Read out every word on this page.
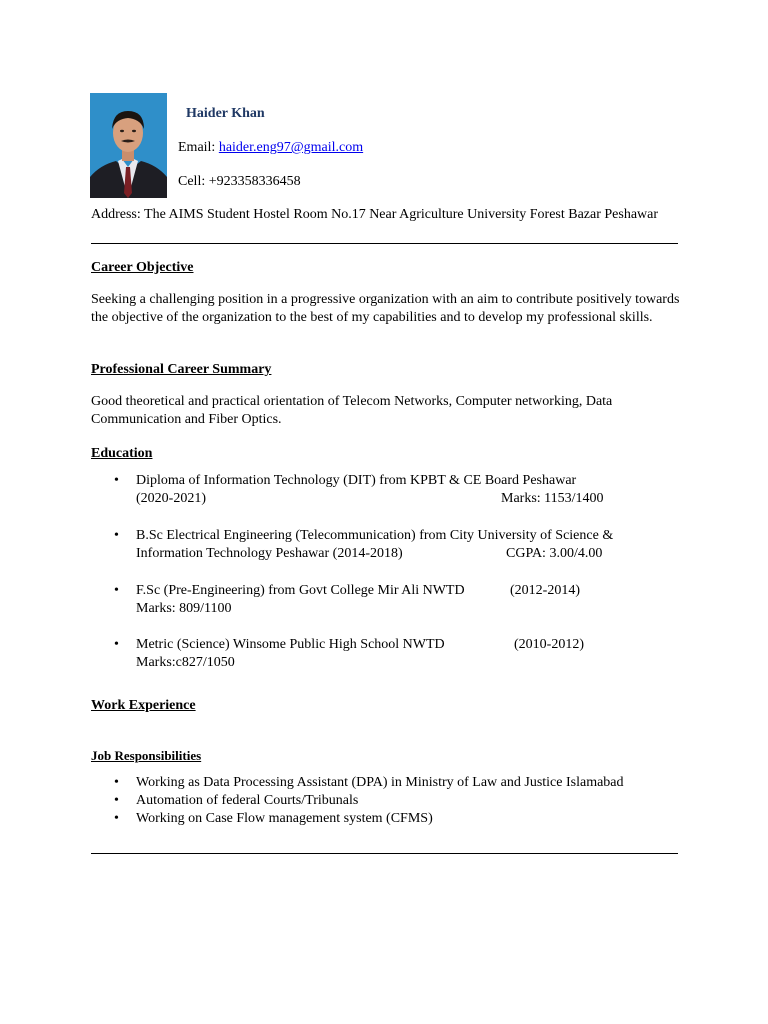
Haider Khan
Email: haider.eng97@gmail.com
Cell: +923358336458
Address: The AIMS Student Hostel Room No.17 Near Agriculture University Forest Bazar Peshawar
Career Objective
Seeking a challenging position in a progressive organization with an aim to contribute positively towards the objective of the organization to the best of my capabilities and to develop my professional skills.
Professional Career Summary
Good theoretical and practical orientation of Telecom Networks, Computer networking, Data Communication and Fiber Optics.
Education
• Diploma of Information Technology (DIT) from KPBT & CE Board Peshawar
(2020-2021)	Marks: 1153/1400
• B.Sc Electrical Engineering (Telecommunication) from City University of Science &
Information Technology Peshawar (2014-2018)	CGPA: 3.00/4.00
• F.Sc (Pre-Engineering) from Govt College Mir Ali NWTD	(2012-2014)
Marks: 809/1100
• Metric (Science) Winsome Public High School NWTD	(2010-2012)
Marks:c827/1050
Work Experience
Job Responsibilities
• Working as Data Processing Assistant (DPA) in Ministry of Law and Justice Islamabad
• Automation of federal Courts/Tribunals
• Working on Case Flow management system (CFMS)
